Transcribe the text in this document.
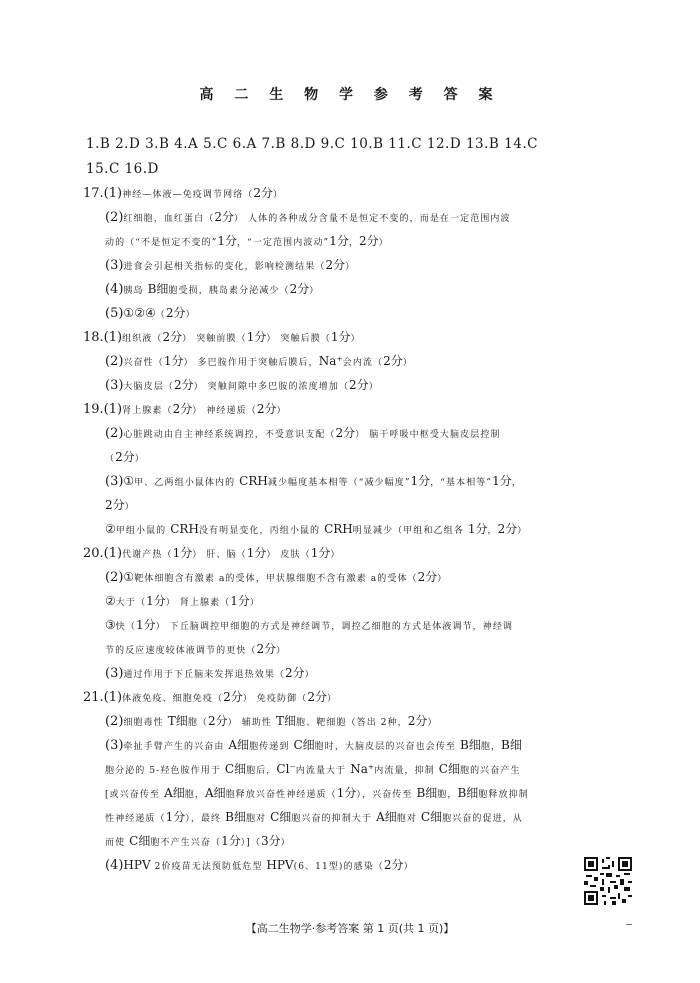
高 二 生 物 学 参 考 答 案
1.B 2.D 3.B 4.A 5.C 6.A 7.B 8.D 9.C 10.B 11.C 12.D 13.B 14.C
15.C 16.D
17.(1)神经—体液—免疫调节网络（2分）
(2)红细胞，血红蛋白（2分） 人体的各种成分含量不是恒定不变的，而是在一定范围内波
动的（“不是恒定不变的”1分，“一定范围内波动”1分，2分）
(3)进食会引起相关指标的变化，影响检测结果（2分）
(4)胰岛 B细胞受损，胰岛素分泌减少（2分）
(5)①②④（2分）
18.(1)组织液（2分） 突触前膜（1分） 突触后膜（1分）
(2)兴奋性（1分） 多巴胺作用于突触后膜后，Na⁺会内流（2分）
(3)大脑皮层（2分） 突触间隙中多巴胺的浓度增加（2分）
19.(1)肾上腺素（2分） 神经递质（2分）
(2)心脏跳动由自主神经系统调控，不受意识支配（2分） 脑干呼吸中枢受大脑皮层控制
（2分）
(3)①甲、乙两组小鼠体内的 CRH减少幅度基本相等（“减少幅度”1分，“基本相等”1分，
2分）
②甲组小鼠的 CRH没有明显变化，丙组小鼠的 CRH明显减少（甲组和乙组各 1分，2分）
20.(1)代谢产热（1分） 肝、脑（1分） 皮肤（1分）
(2)①靶体细胞含有激素 a的受体，甲状腺细胞不含有激素 a的受体（2分）
②大于（1分） 肾上腺素（1分）
③快（1分） 下丘脑调控甲细胞的方式是神经调节，调控乙细胞的方式是体液调节，神经调
节的反应速度较体液调节的更快（2分）
(3)通过作用于下丘脑来发挥退热效果（2分）
21.(1)体液免疫、细胞免疫（2分） 免疫防御（2分）
(2)细胞毒性 T细胞（2分） 辅助性 T细胞、靶细胞（答出 2种，2分）
(3)牵扯手臂产生的兴奋由 A细胞传递到 C细胞时，大脑皮层的兴奋也会传至 B细胞，B细
胞分泌的 5-羟色胺作用于 C细胞后，Cl⁻内流量大于 Na⁺内流量，抑制 C细胞的兴奋产生
[或兴奋传至 A细胞，A细胞释放兴奋性神经递质（1分），兴奋传至 B细胞，B细胞释放抑制
性神经递质（1分），最终 B细胞对 C细胞兴奋的抑制大于 A细胞对 C细胞兴奋的促进，从
而使 C细胞不产生兴奋（1分）]（3分）
(4)HPV 2价疫苗无法预防低危型 HPV(6、11型)的感染（2分）
【高二生物学·参考答案 第 1 页(共 1 页)】
